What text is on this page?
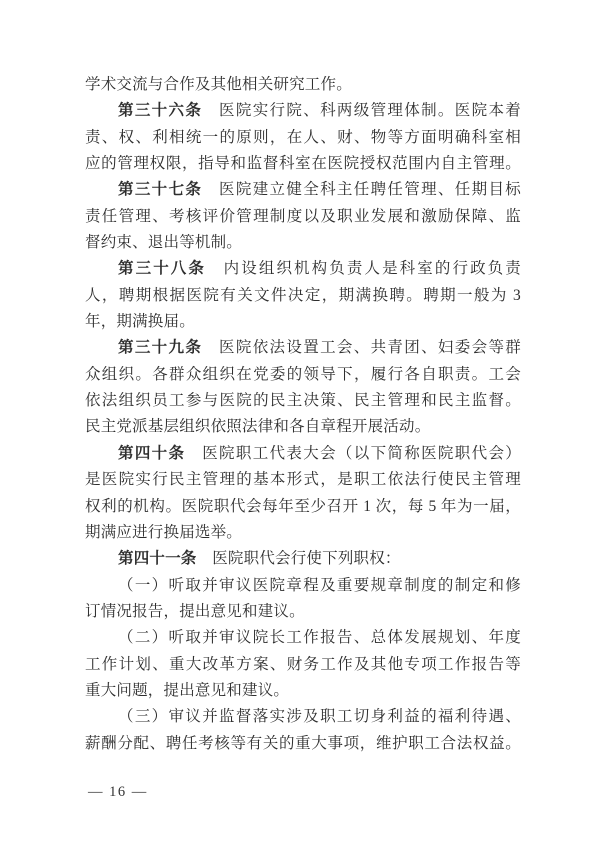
学术交流与合作及其他相关研究工作。
第三十六条　医院实行院、科两级管理体制。医院本着
责、权、利相统一的原则，在人、财、物等方面明确科室相
应的管理权限，指导和监督科室在医院授权范围内自主管理。
第三十七条　医院建立健全科主任聘任管理、任期目标
责任管理、考核评价管理制度以及职业发展和激励保障、监
督约束、退出等机制。
第三十八条　内设组织机构负责人是科室的行政负责
人，聘期根据医院有关文件决定，期满换聘。聘期一般为 3
年，期满换届。
第三十九条　医院依法设置工会、共青团、妇委会等群
众组织。各群众组织在党委的领导下，履行各自职责。工会
依法组织员工参与医院的民主决策、民主管理和民主监督。
民主党派基层组织依照法律和各自章程开展活动。
第四十条　医院职工代表大会（以下简称医院职代会）
是医院实行民主管理的基本形式，是职工依法行使民主管理
权利的机构。医院职代会每年至少召开 1 次，每 5 年为一届，
期满应进行换届选举。
第四十一条　医院职代会行使下列职权：
（一）听取并审议医院章程及重要规章制度的制定和修
订情况报告，提出意见和建议。
（二）听取并审议院长工作报告、总体发展规划、年度
工作计划、重大改革方案、财务工作及其他专项工作报告等
重大问题，提出意见和建议。
（三）审议并监督落实涉及职工切身利益的福利待遇、
薪酬分配、聘任考核等有关的重大事项，维护职工合法权益。
— 16 —
